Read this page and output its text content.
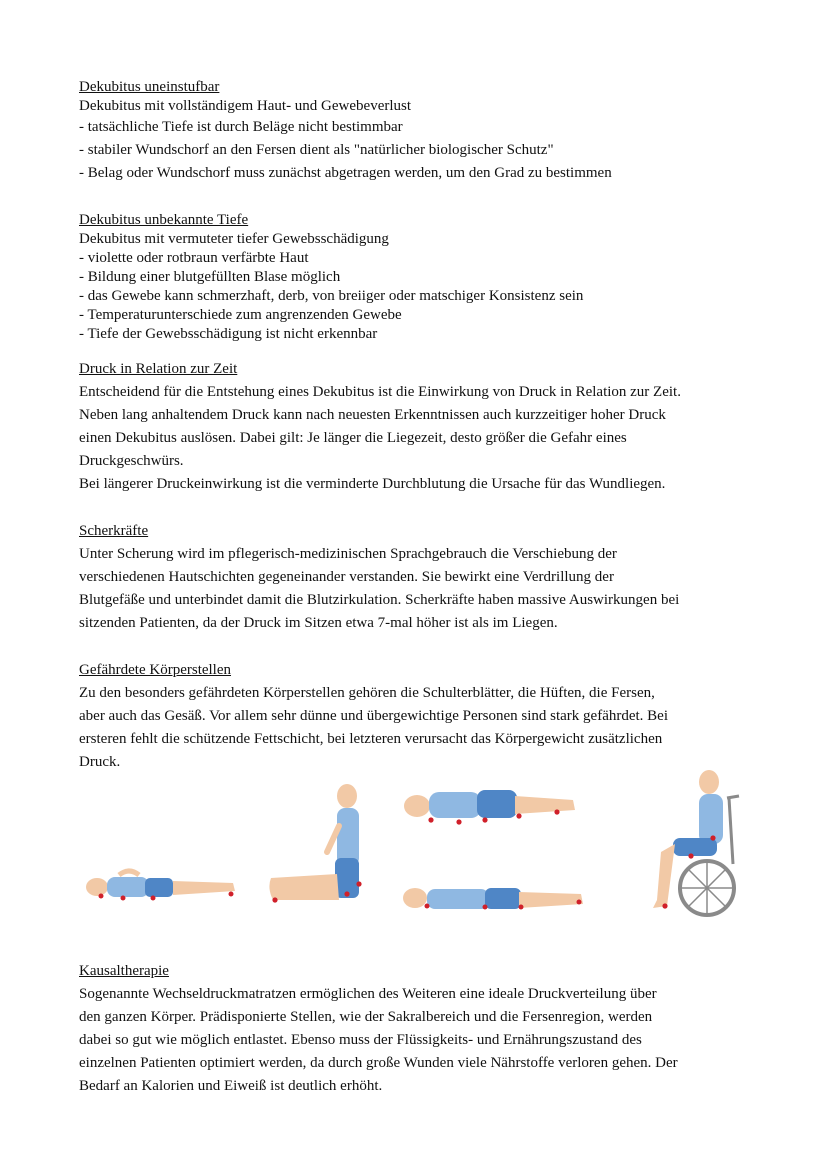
Dekubitus uneinstufbar

Dekubitus mit vollständigem Haut- und Gewebeverlust

- tatsächliche Tiefe ist durch Beläge nicht bestimmbar

- stabiler Wundschorf an den Fersen dient als "natürlicher biologischer Schutz"

- Belag oder Wundschorf muss zunächst abgetragen werden, um den Grad zu bestimmen

Dekubitus unbekannte Tiefe

Dekubitus mit vermuteter tiefer Gewebsschädigung

- violette oder rotbraun verfärbte Haut

- Bildung einer blutgefüllten Blase möglich

- das Gewebe kann schmerzhaft, derb, von breiiger oder matschiger Konsistenz sein

- Temperaturunterschiede zum angrenzenden Gewebe

- Tiefe der Gewebsschädigung ist nicht erkennbar

Druck in Relation zur Zeit

Entscheidend für die Entstehung eines Dekubitus ist die Einwirkung von Druck in Relation zur Zeit.

Neben lang anhaltendem Druck kann nach neuesten Erkenntnissen auch kurzzeitiger hoher Druck

einen Dekubitus auslösen. Dabei gilt: Je länger die Liegezeit, desto größer die Gefahr eines

Druckgeschwürs.

Bei längerer Druckeinwirkung ist die verminderte Durchblutung die Ursache für das Wundliegen.

Scherkräfte

Unter Scherung wird im pflegerisch-medizinischen Sprachgebrauch die Verschiebung der

verschiedenen Hautschichten gegeneinander verstanden. Sie bewirkt eine Verdrillung der

Blutgefäße und unterbindet damit die Blutzirkulation. Scherkräfte haben massive Auswirkungen bei

sitzenden Patienten, da der Druck im Sitzen etwa 7-mal höher ist als im Liegen.

Gefährdete Körperstellen

Zu den besonders gefährdeten Körperstellen gehören die Schulterblätter, die Hüften, die Fersen,

aber auch das Gesäß. Vor allem sehr dünne und übergewichtige Personen sind stark gefährdet. Bei

ersteren fehlt die schützende Fettschicht, bei letzteren verursacht das Körpergewicht zusätzlichen

Druck.

Kausaltherapie

Sogenannte Wechseldruckmatratzen ermöglichen des Weiteren eine ideale Druckverteilung über

den ganzen Körper. Prädisponierte Stellen, wie der Sakralbereich und die Fersenregion, werden

dabei so gut wie möglich entlastet. Ebenso muss der Flüssigkeits- und Ernährungszustand des

einzelnen Patienten optimiert werden, da durch große Wunden viele Nährstoffe verloren gehen. Der

Bedarf an Kalorien und Eiweiß ist deutlich erhöht.
